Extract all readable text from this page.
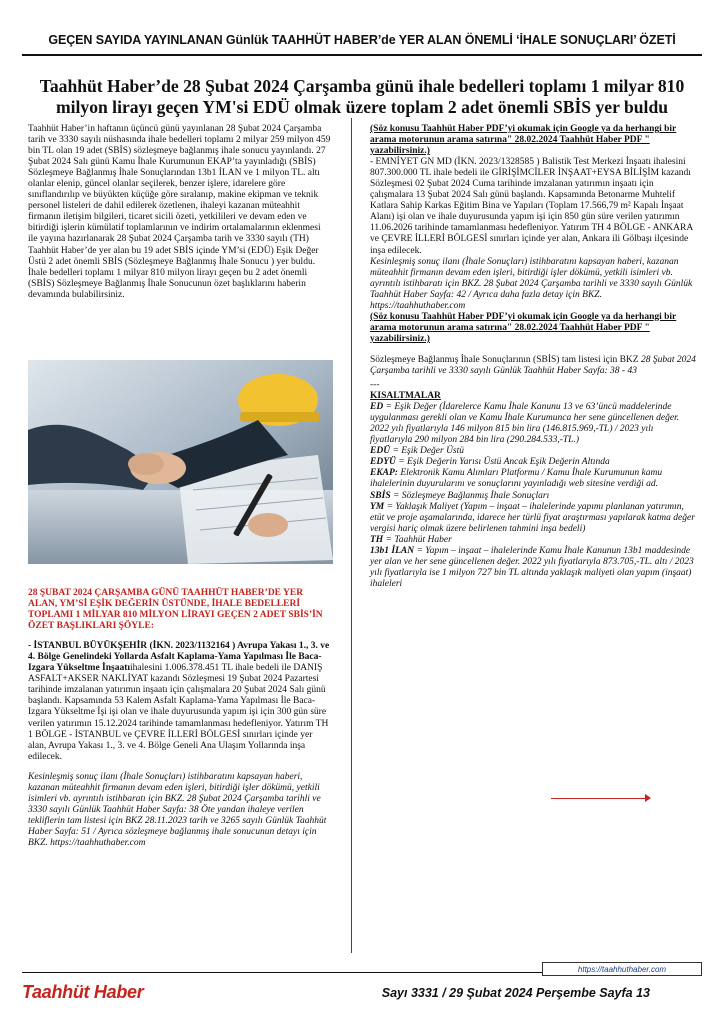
GEÇEN SAYIDA YAYINLANAN Günlük TAAHHÜT HABER’de YER ALAN ÖNEMLİ ‘İHALE SONUÇLARI’ ÖZETİ
Taahhüt Haber’de 28 Şubat 2024 Çarşamba günü ihale bedelleri toplamı 1 milyar 810 milyon lirayı geçen YM'si EDÜ olmak üzere toplam 2 adet önemli SBİS yer buldu

Taahhüt Haber’in haftanın üçüncü günü yayınlanan 28 Şubat 2024 Çarşamba tarih ve 3330 sayılı nüshasında ihale bedelleri toplamı 2 milyar 259 milyon 459 bin TL olan 19 adet (SBİS) sözleşmeye bağlanmış ihale sonucu yayınlandı. 27 Şubat 2024 Salı günü Kamu İhale Kurumunun EKAP’ta yayınladığı (SBİS) Sözleşmeye Bağlanmış İhale Sonuçlarından 13b1 İLAN ve 1 milyon TL. altı olanlar elenip, güncel olanlar seçilerek, benzer işlere, idarelere göre sınıflandırılıp ve büyükten küçüğe göre sıralanıp, makine ekipman ve teknik personel listeleri de dahil edilerek özetlenen, ihaleyi kazanan müteahhit firmanın iletişim bilgileri, ticaret sicili özeti, yetkilileri ve devam eden ve bitirdiği işlerin kümülatif toplamlarının ve indirim ortalamalarının eklenmesi ile yayına hazırlanarak 28 Şubat 2024 Çarşamba tarih ve 3330 sayılı (TH) Taahhüt Haber’de yer alan bu 19 adet SBİS içinde YM’si (EDÜ) Eşik Değer Üstü 2 adet önemli SBİS (Sözleşmeye Bağlanmış İhale Sonucu ) yer buldu. İhale bedelleri toplamı 1 milyar 810 milyon lirayı geçen bu 2 adet önemli (SBİS) Sözleşmeye Bağlanmış İhale Sonucunun özet başlıklarını haberin devamında bulabilirsiniz.

28 ŞUBAT 2024 ÇARŞAMBA GÜNÜ TAAHHÜT HABER’DE YER ALAN, YM’Sİ EŞİK DEĞERİN ÜSTÜNDE, İHALE BEDELLERİ TOPLAMI 1 MİLYAR 810 MİLYON LİRAYI GEÇEN 2 ADET SBİS’İN ÖZET BAŞLIKLARI ŞÖYLE:

- İSTANBUL BÜYÜKŞEHİR (İKN. 2023/1132164 ) Avrupa Yakası 1., 3. ve 4. Bölge Genelindeki Yollarda Asfalt Kaplama-Yama Yapılması İle Baca-Izgara Yükseltme İnşaatıihalesini 1.006.378.451 TL ihale bedeli ile DANIŞ ASFALT+AKSER NAKLİYAT kazandı Sözleşmesi 19 Şubat 2024 Pazartesi tarihinde imzalanan yatırımın inşaatı için çalışmalara 20 Şubat 2024 Salı günü başlandı. Kapsamında 53 Kalem Asfalt Kaplama-Yama Yapılması İle Baca-Izgara Yükseltme İşi işi olan ve ihale duyurusunda yapım işi için 300 gün süre verilen yatırımın 15.12.2024 tarihinde tamamlanması hedefleniyor. Yatırım TH 1 BÖLGE - İSTANBUL ve ÇEVRE İLLERİ BÖLGESİ sınırları içinde yer alan, Avrupa Yakası 1., 3. ve 4. Bölge Geneli Ana Ulaşım Yollarında inşa edilecek.

Kesinleşmiş sonuç ilanı (İhale Sonuçları) istihbaratını kapsayan haberi, kazanan müteahhit firmanın devam eden işleri, bitirdiği işler dökümü, yetkili isimleri vb. ayrıntılı istihbaratı için BKZ. 28 Şubat 2024 Çarşamba tarihli ve 3330 sayılı Günlük Taahhüt Haber Sayfa: 38 Öte yandan ihaleye verilen tekliflerin tam listesi için BKZ 28.11.2023 tarih ve 3265 sayılı Günlük Taahhüt Haber Sayfa: 51 / Ayrıca sözleşmeye bağlanmış ihale sonucunun detayı için BKZ. https://taahhuthaber.com

(Söz konusu Taahhüt Haber PDF’yi okumak için Google ya da herhangi bir arama motorunun arama satırına" 28.02.2024 Taahhüt Haber PDF " yazabilirsiniz.)

- EMNİYET GN MD (İKN. 2023/1328585 ) Balistik Test Merkezi İnşaatı ihalesini 807.300.000 TL ihale bedeli ile GİRİŞİMCİLER İNŞAAT+EYSA BİLİŞİM kazandı Sözleşmesi 02 Şubat 2024 Cuma tarihinde imzalanan yatırımın inşaatı için çalışmalara 13 Şubat 2024 Salı günü başlandı. Kapsamında Betonarme Muhtelif Katlara Sahip Karkas Eğitim Bina ve Yapıları (Toplam 17.566,79 m² Kapalı İnşaat Alanı) işi olan ve ihale duyurusunda yapım işi için 850 gün süre verilen yatırımın 11.06.2026 tarihinde tamamlanması hedefleniyor. Yatırım TH 4 BÖLGE - ANKARA ve ÇEVRE İLLERİ BÖLGESİ sınırları içinde yer alan, Ankara ili Gölbaşı ilçesinde inşa edilecek.

Kesinleşmiş sonuç ilanı (İhale Sonuçları) istihbaratını kapsayan haberi, kazanan müteahhit firmanın devam eden işleri, bitirdiği işler dökümü, yetkili isimleri vb. ayrıntılı istihbaratı için BKZ. 28 Şubat 2024 Çarşamba tarihli ve 3330 sayılı Günlük Taahhüt Haber Sayfa: 42 / Ayrıca daha fazla detay için BKZ. https://taahhuthaber.com

(Söz konusu Taahhüt Haber PDF’yi okumak için Google ya da herhangi bir arama motorunun arama satırına" 28.02.2024 Taahhüt Haber PDF " yazabilirsiniz.)

Sözleşmeye Bağlanmış İhale Sonuçlarının (SBİS) tam listesi için BKZ 28 Şubat 2024 Çarşamba tarihli ve 3330 sayılı Günlük Taahhüt Haber Sayfa: 38 - 43

---

KISALTMALAR

ED = Eşik Değer (İdarelerce Kamu İhale Kanunu 13 ve 63’üncü maddelerinde uygulanması gerekli olan ve Kamu İhale Kurumunca her sene güncellenen değer. 2022 yılı fiyatlarıyla 146 milyon 815 bin lira (146.815.969,-TL) / 2023 yılı fiyatlarıyla 290 milyon 284 bin lira (290.284.533,-TL.)

EDÜ = Eşik Değer Üstü

EDYÜ = Eşik Değerin Yarısı Üstü Ancak Eşik Değerin Altında

EKAP: Elektronik Kamu Alımları Platformu / Kamu İhale Kurumunun kamu ihalelerinin duyurularını ve sonuçlarını yayınladığı web sitesine verdiği ad.

SBİS = Sözleşmeye Bağlanmış İhale Sonuçları

YM = Yaklaşık Maliyet (Yapım – inşaat – ihalelerinde yapımı planlanan yatırımın, etüt ve proje aşamalarında, idarece her türlü fiyat araştırması yapılarak katma değer vergisi hariç olmak üzere belirlenen tahmini inşa bedeli)

TH = Taahhüt Haber

13b1 İLAN = Yapım – inşaat – ihalelerinde Kamu İhale Kanunun 13b1 maddesinde yer alan ve her sene güncellenen değer. 2022 yılı fiyatlarıyla 873.705,-TL. altı / 2023 yılı fiyatlarıyla ise 1 milyon 727 bin TL altında yaklaşık maliyeti olan yapım (inşaat) ihaleleri

https://taahhuthaber.com
Taahhüt Haber	Sayı 3331 / 29 Şubat 2024 Perşembe Sayfa 13
